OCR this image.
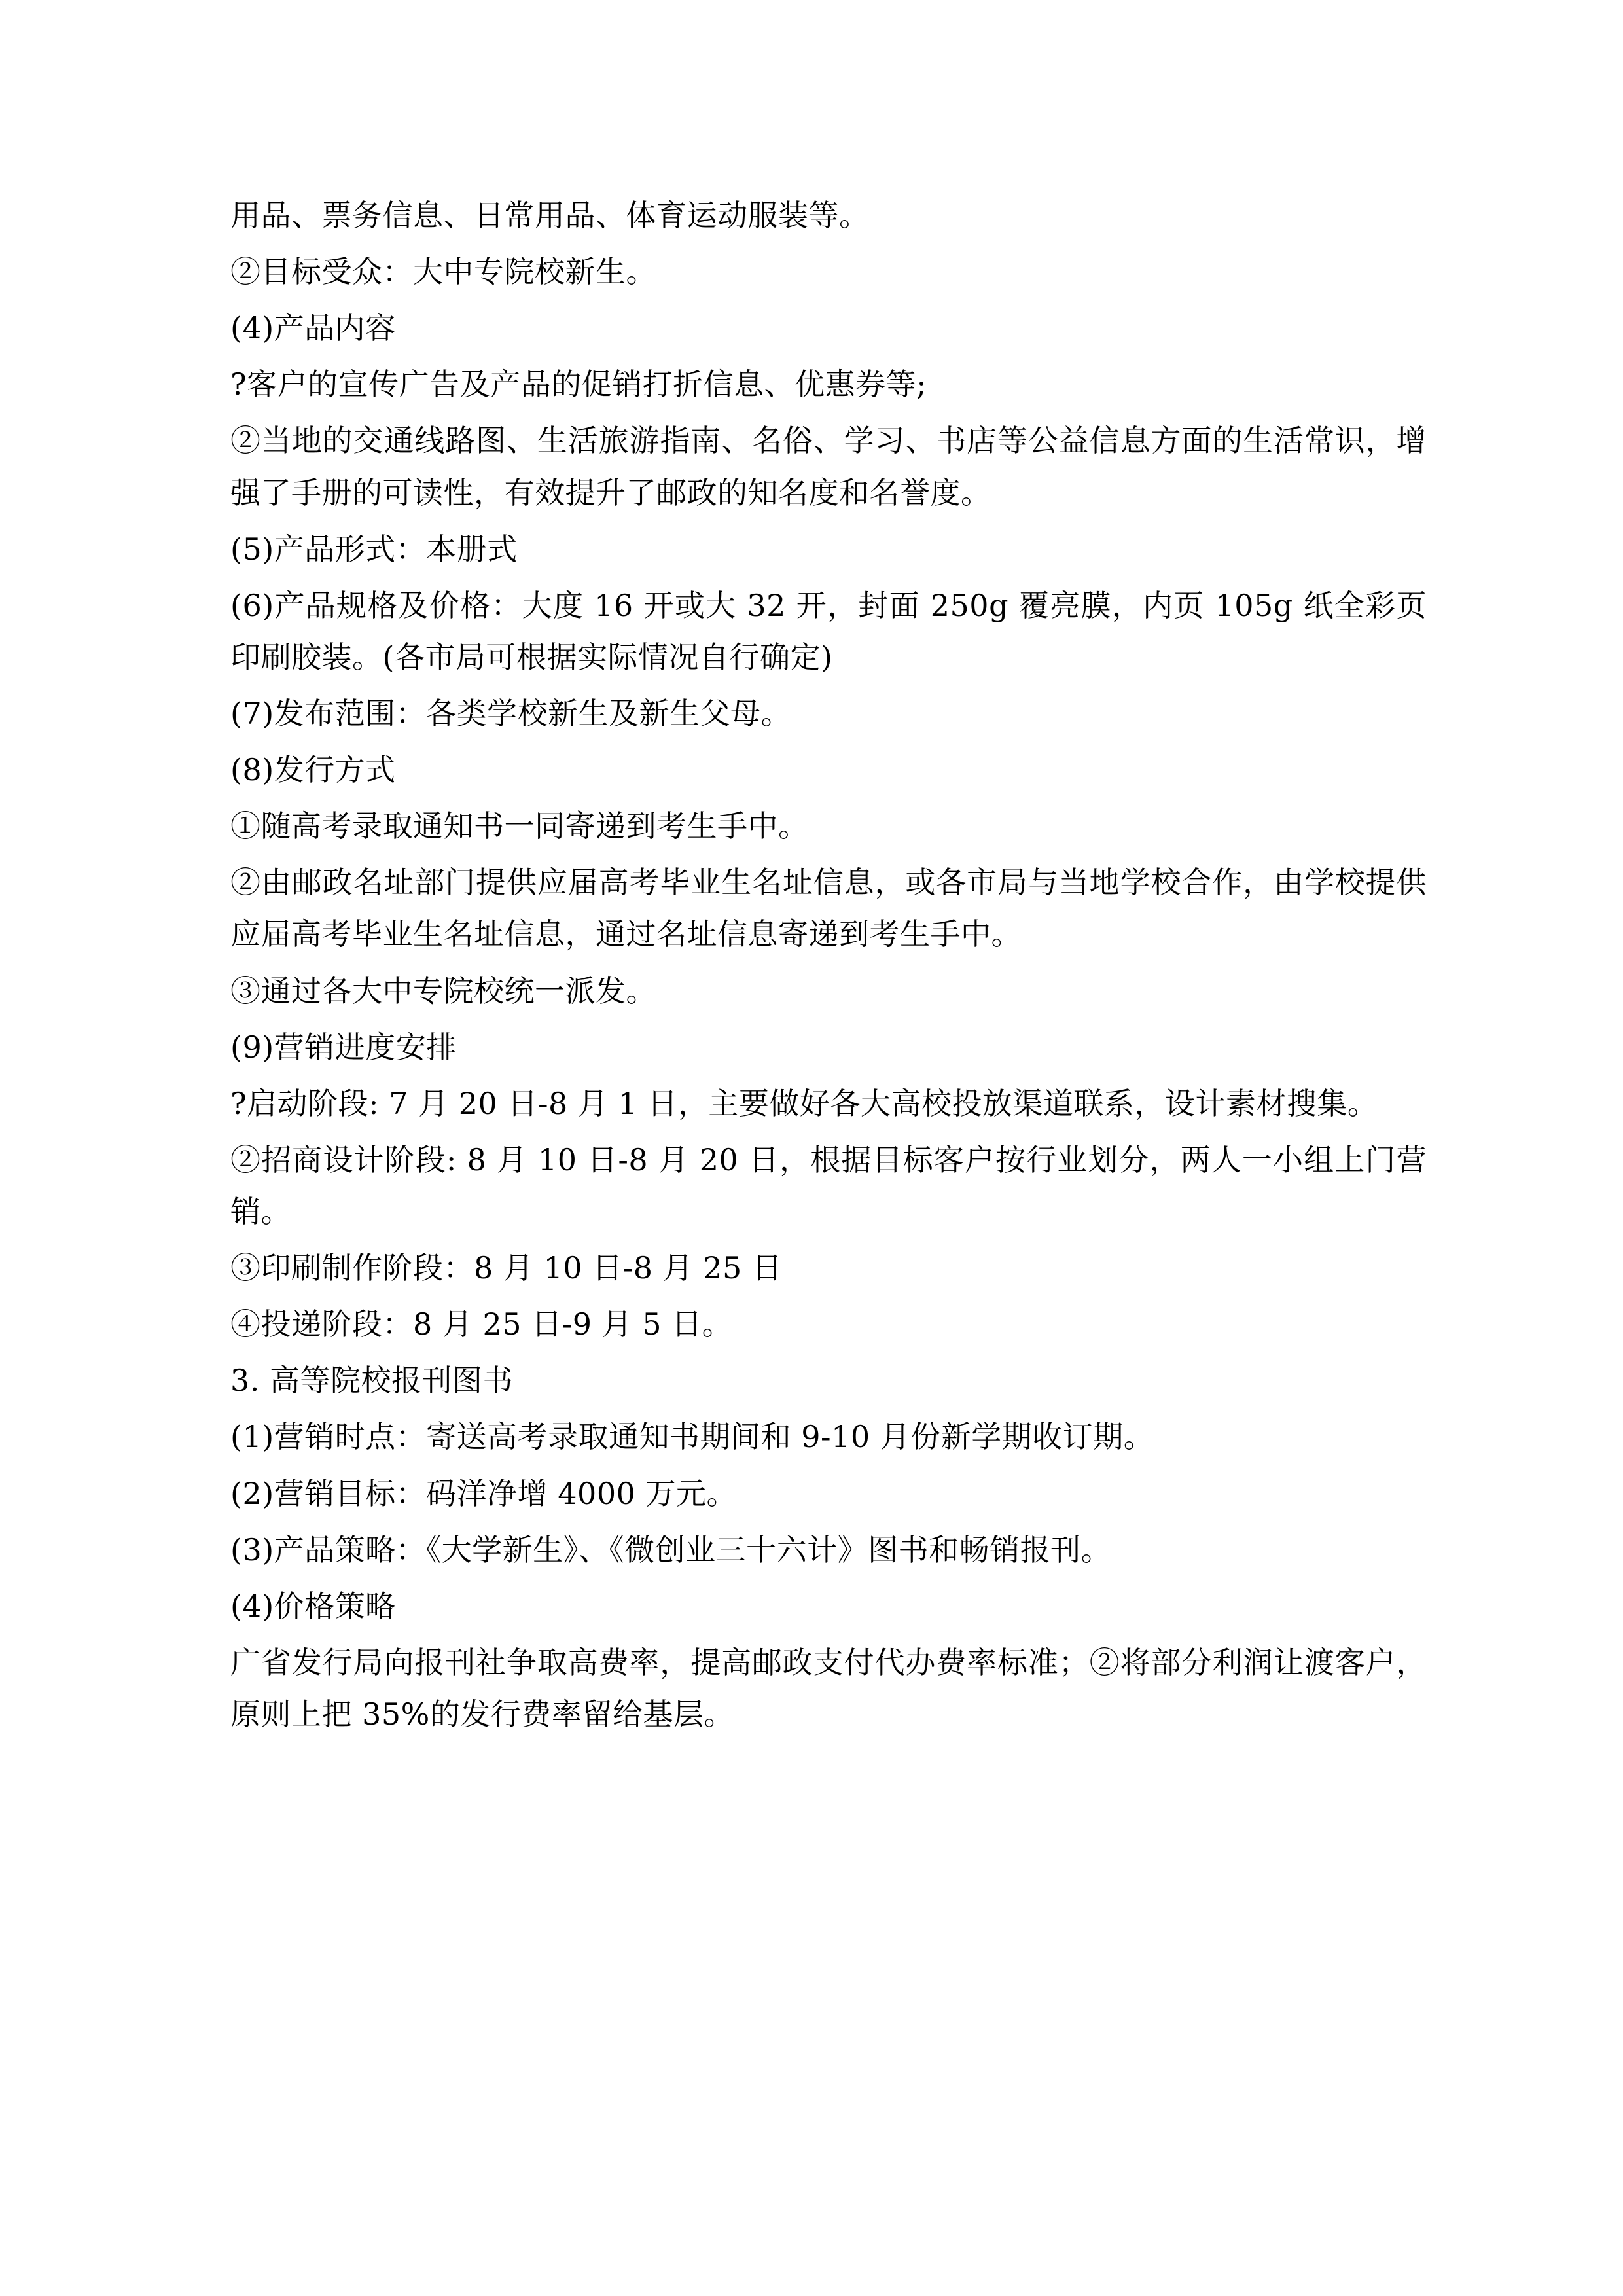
用品、票务信息、日常用品、体育运动服装等。

②目标受众：大中专院校新生。

(4)产品内容

?客户的宣传广告及产品的促销打折信息、优惠券等;

②当地的交通线路图、生活旅游指南、名俗、学习、书店等公益信息方面的生活常识，增强了手册的可读性，有效提升了邮政的知名度和名誉度。

(5)产品形式：本册式

(6)产品规格及价格：大度 16 开或大 32 开，封面 250g 覆亮膜，内页 105g 纸全彩页印刷胶装。(各市局可根据实际情况自行确定)

(7)发布范围：各类学校新生及新生父母。

(8)发行方式

①随高考录取通知书一同寄递到考生手中。

②由邮政名址部门提供应届高考毕业生名址信息，或各市局与当地学校合作，由学校提供应届高考毕业生名址信息，通过名址信息寄递到考生手中。

③通过各大中专院校统一派发。

(9)营销进度安排

?启动阶段: 7 月 20 日-8 月 1 日，主要做好各大高校投放渠道联系，设计素材搜集。

②招商设计阶段: 8 月 10 日-8 月 20 日，根据目标客户按行业划分，两人一小组上门营销。

③印刷制作阶段：8 月 10 日-8 月 25 日

④投递阶段：8 月 25 日-9 月 5 日。

3. 高等院校报刊图书

(1)营销时点：寄送高考录取通知书期间和 9-10 月份新学期收订期。

(2)营销目标：码洋净增 4000 万元。

(3)产品策略：《大学新生》、《微创业三十六计》图书和畅销报刊。

(4)价格策略

广省发行局向报刊社争取高费率，提高邮政支付代办费率标准；②将部分利润让渡客户，原则上把 35%的发行费率留给基层。
